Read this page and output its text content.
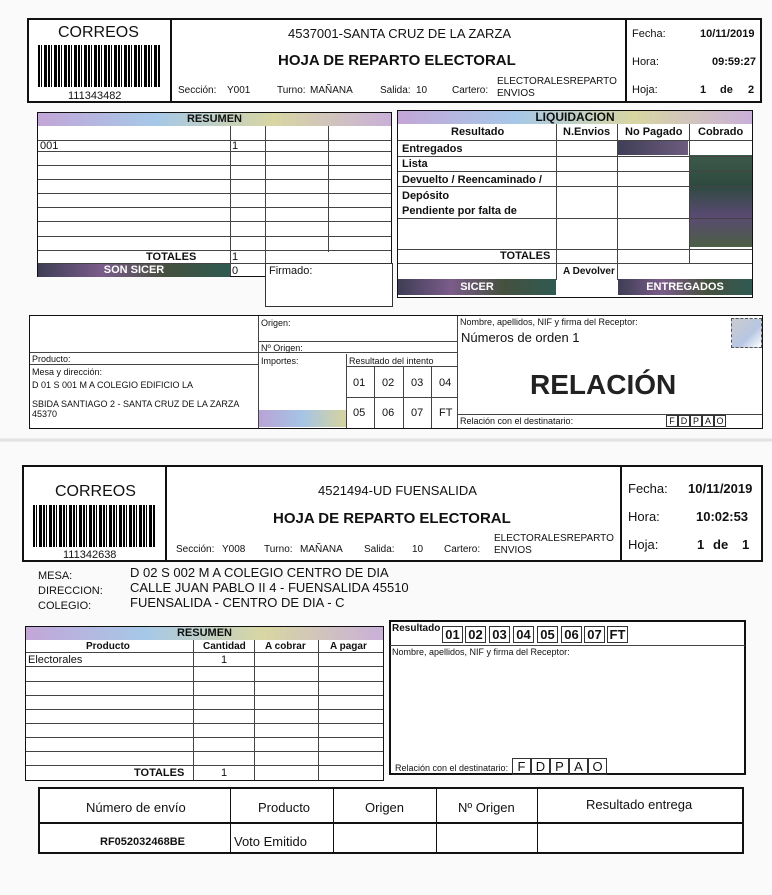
CORREOS
111343482
4537001-SANTA CRUZ DE LA ZARZA
HOJA DE REPARTO ELECTORAL
Sección: Y001	Turno: MAÑANA	Salida: 10 Cartero:
ELECTORALESREPARTO
ENVIOS
Fecha:	10/11/2019
Hora:	09:59:27
Hoja:	1 de 2
RESUMEN
001	1
TOTALES	1
SON SICER	0	Firmado:
LIQUIDACION
Resultado	N.Envios No Pagado Cobrado
Entregados
Lista
Devuelto / Reencaminado /
Depósito
Pendiente por falta de
TOTALES
A Devolver
SICER	ENTREGADOS
Origen:
Nº Origen:
Producto:	Importes:	Resultado del intento
01 02 03 04
05 06 07 FT
Mesa y dirección:
D 01 S 001 M A COLEGIO EDIFICIO LA
SBIDA SANTIAGO 2 - SANTA CRUZ DE LA ZARZA
45370
Nombre, apellidos, NIF y firma del Receptor:
Números de orden 1
RELACIÓN
Relación con el destinatario:	F D P A O
CORREOS
111342638
4521494-UD FUENSALIDA
HOJA DE REPARTO ELECTORAL
Sección: Y008 Turno: MAÑANA Salida: 10 Cartero:
ELECTORALESREPARTO
ENVIOS
Fecha: 10/11/2019
Hora:	10:02:53
Hoja:	1 de 1
MESA:	D 02 S 002 M A COLEGIO CENTRO DE DIA
DIRECCION: CALLE JUAN PABLO II 4 - FUENSALIDA 45510
COLEGIO:	FUENSALIDA - CENTRO DE DIA - C
RESUMEN
Producto	Cantidad A cobrar A pagar
Electorales	1
TOTALES	1
Resultado 01 02 03 04 05 06 07 FT
Nombre, apellidos, NIF y firma del Receptor:
Relación con el destinatario: F D P A O
Número de envío	Producto	Origen	Nº Origen	Resultado entrega
RF052032468BE	Voto Emitido
